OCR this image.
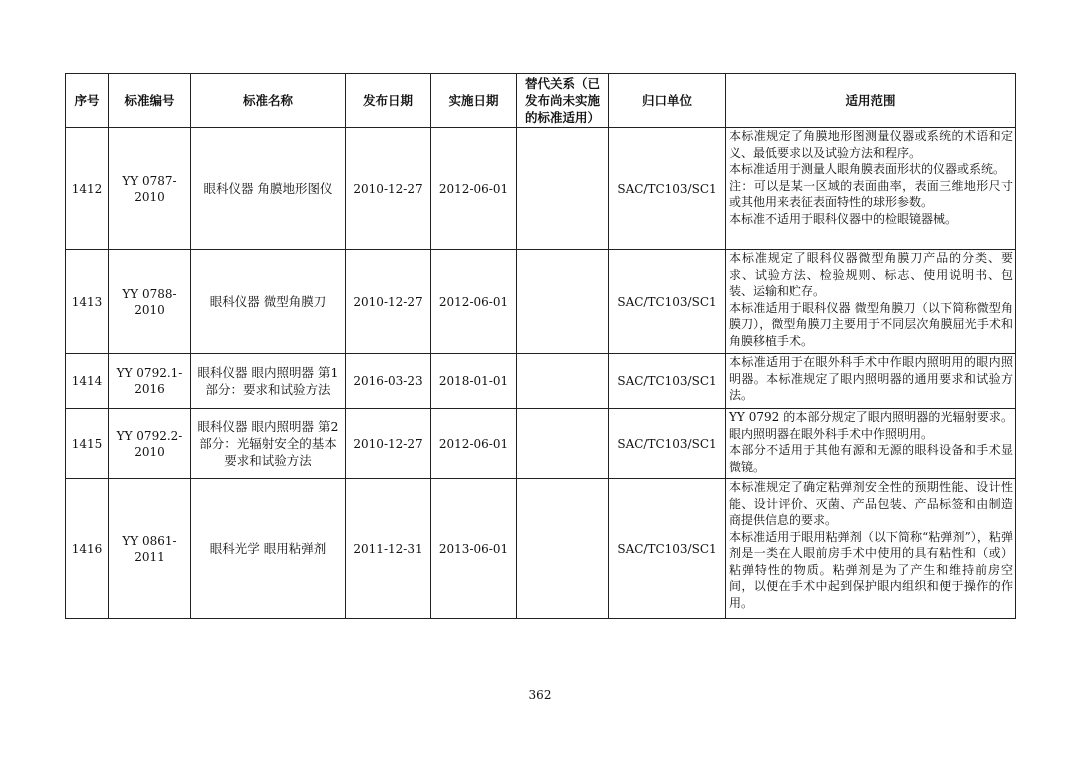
序号	标准编号	标准名称	发布日期	实施日期	替代关系（已发布尚未实施的标准适用）	归口单位	适用范围
1412	YY 0787-2010	眼科仪器 角膜地形图仪	2010-12-27	2012-06-01		SAC/TC103/SC1	本标准规定了角膜地形图测量仪器或系统的术语和定义、最低要求以及试验方法和程序。
本标准适用于测量人眼角膜表面形状的仪器或系统。
注：可以是某一区域的表面曲率，表面三维地形尺寸或其他用来表征表面特性的球形参数。
本标准不适用于眼科仪器中的检眼镜器械。

1413	YY 0788-2010	眼科仪器 微型角膜刀	2010-12-27	2012-06-01		SAC/TC103/SC1	本标准规定了眼科仪器微型角膜刀产品的分类、要求、试验方法、检验规则、标志、使用说明书、包装、运输和贮存。
本标准适用于眼科仪器 微型角膜刀（以下简称微型角膜刀），微型角膜刀主要用于不同层次角膜屈光手术和角膜移植手术。

1414	YY 0792.1-2016	眼科仪器 眼内照明器 第1部分：要求和试验方法	2016-03-23	2018-01-01		SAC/TC103/SC1	本标准适用于在眼外科手术中作眼内照明用的眼内照明器。本标准规定了眼内照明器的通用要求和试验方法。

1415	YY 0792.2-2010	眼科仪器 眼内照明器 第2部分：光辐射安全的基本要求和试验方法	2010-12-27	2012-06-01		SAC/TC103/SC1	YY 0792 的本部分规定了眼内照明器的光辐射要求。眼内照明器在眼外科手术中作照明用。
本部分不适用于其他有源和无源的眼科设备和手术显微镜。

1416	YY 0861-2011	眼科光学 眼用粘弹剂	2011-12-31	2013-06-01		SAC/TC103/SC1	本标准规定了确定粘弹剂安全性的预期性能、设计性能、设计评价、灭菌、产品包装、产品标签和由制造商提供信息的要求。
本标准适用于眼用粘弹剂（以下简称“粘弹剂”），粘弹剂是一类在人眼前房手术中使用的具有粘性和（或）粘弹特性的物质。粘弹剂是为了产生和维持前房空间，以便在手术中起到保护眼内组织和便于操作的作用。
362
